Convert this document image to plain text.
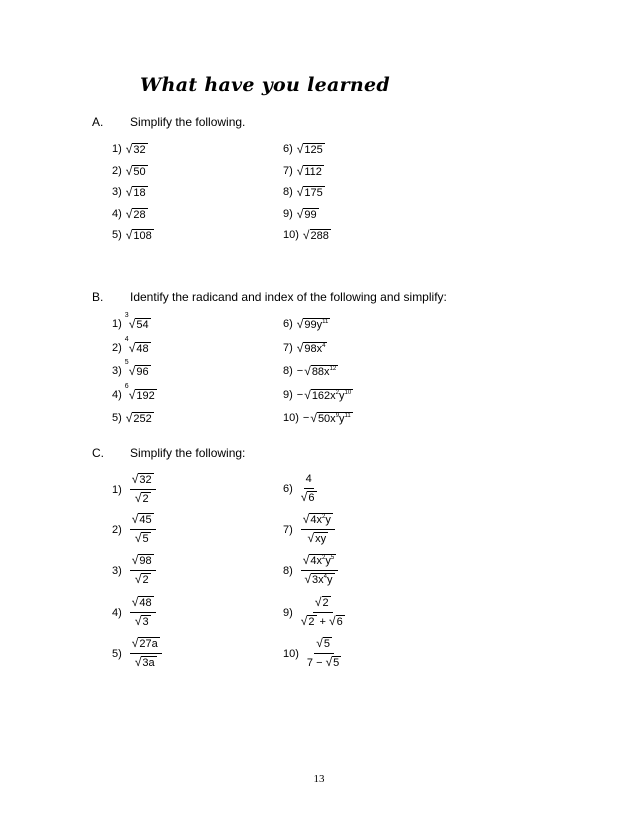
What have you learned
A. Simplify the following.
1)√32
2)√50
3)√18
4)√28
5)√108
6)√125
7)√112
8)√175
9)√99
10)√288
B. Identify the radicand and index of the following and simplify:
1)
3
√54
2)
4
√48
3)
5
√96
4)
6
√192
5)√252
$6)√99y^{11}$
$7)√98x^4$
$8)-√88x^{12}$
$9)-√162x^2y^{10}$
$10)-√50x^9y^{11}$
C. Simplify the following:
$1) \frac{√32}{√2}$
$2) \frac{√45}{√5}$
$3) \frac{√98}{√2}$
$4) \frac{√48}{√3}$
$5) \frac{√27a}{√3a}$
$6) \frac{4}{√6}$
$7) \frac{√4x^2y}{√xy}$
$8) \frac{√4x^2y^5}{√3x^4y}$
$9) \frac{√2}{√2 + √6}$
$10) \frac{√5}{7 - √5}$
13
